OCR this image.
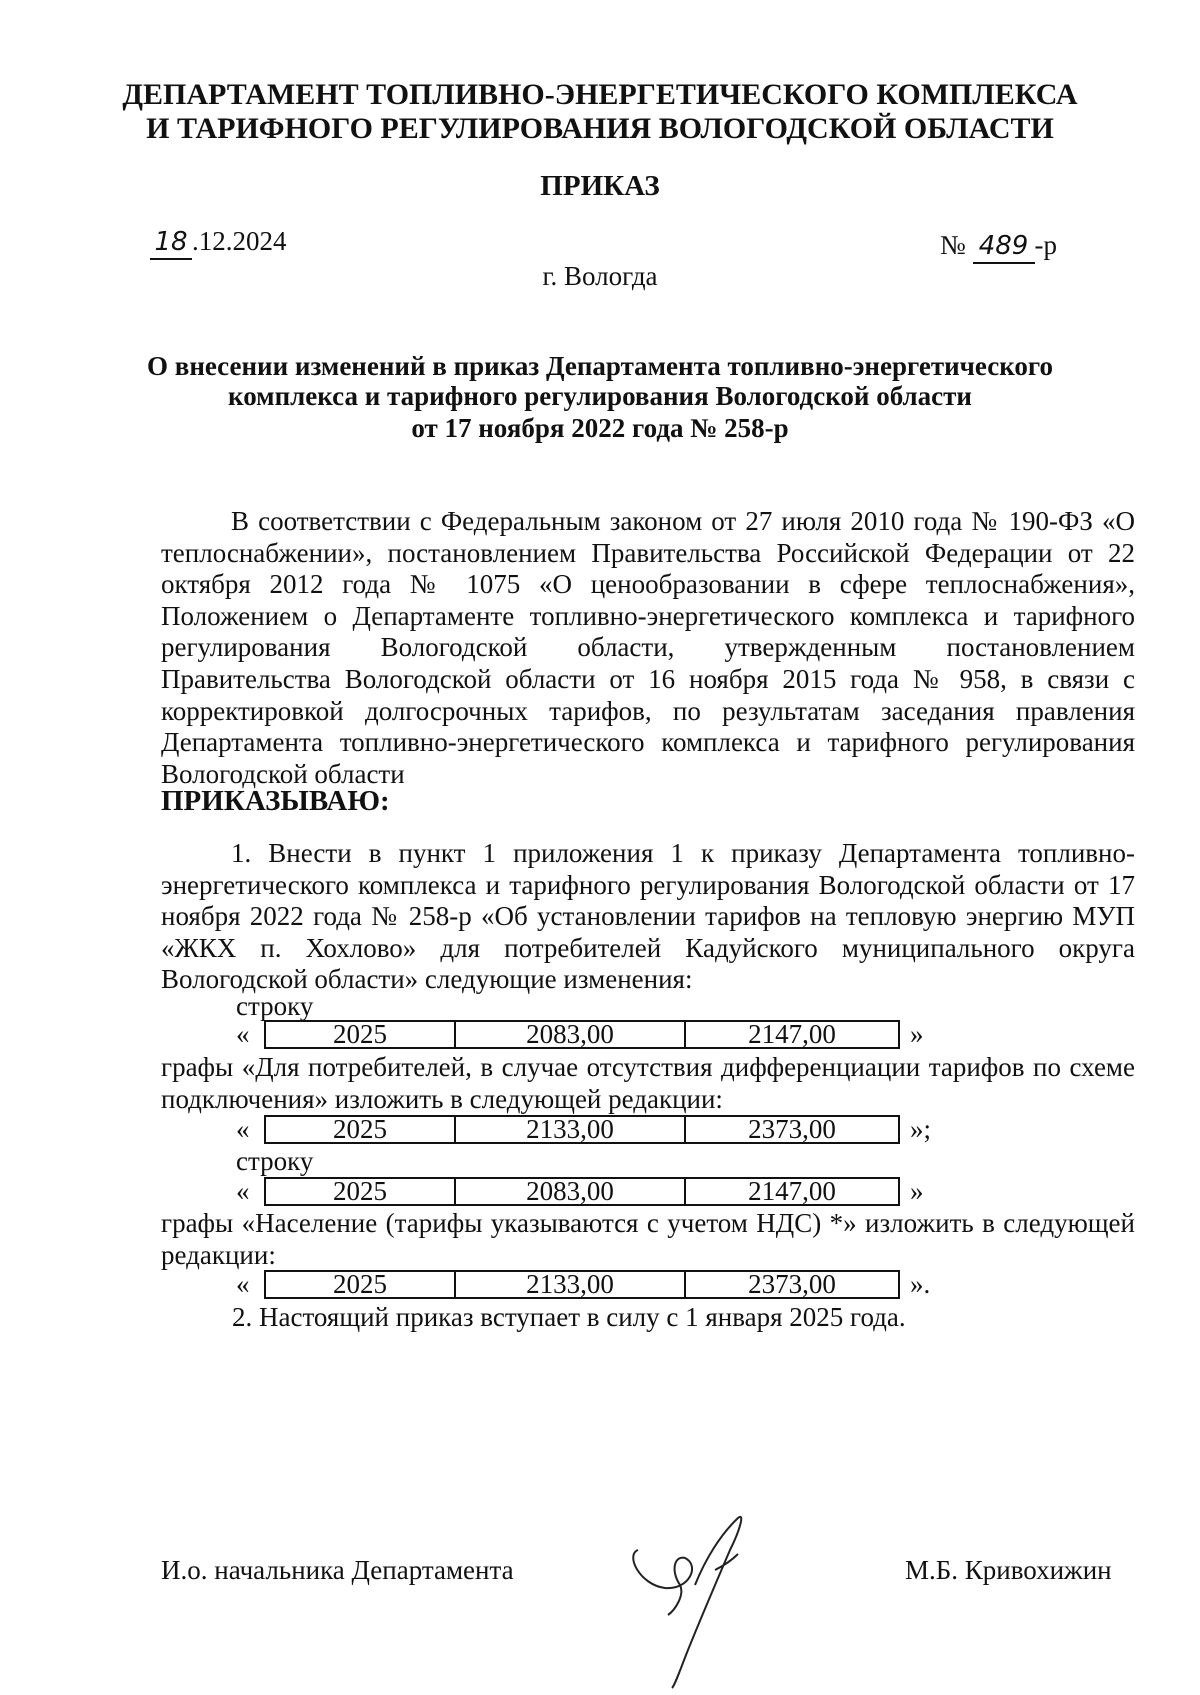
ДЕПАРТАМЕНТ ТОПЛИВНО-ЭНЕРГЕТИЧЕСКОГО КОМПЛЕКСА
И ТАРИФНОГО РЕГУЛИРОВАНИЯ ВОЛОГОДСКОЙ ОБЛАСТИ
ПРИКАЗ
18 .12.2024	№ 489 -р
г. Вологда
О внесении изменений в приказ Департамента топливно-энергетического
комплекса и тарифного регулирования Вологодской области
от 17 ноября 2022 года № 258-р

В соответствии с Федеральным законом от 27 июля 2010 года № 190-ФЗ «О теплоснабжении», постановлением Правительства Российской Федерации от 22 октября 2012 года № 1075 «О ценообразовании в сфере теплоснабжения», Положением о Департаменте топливно-энергетического комплекса и тарифного регулирования Вологодской области, утвержденным постановлением Правительства Вологодской области от 16 ноября 2015 года № 958, в связи с корректировкой долгосрочных тарифов, по результатам заседания правления Департамента топливно-энергетического комплекса и тарифного регулирования Вологодской области

ПРИКАЗЫВАЮ:

1. Внести в пункт 1 приложения 1 к приказу Департамента топливно-энергетического комплекса и тарифного регулирования Вологодской области от 17 ноября 2022 года № 258-р «Об установлении тарифов на тепловую энергию МУП «ЖКХ п. Хохлово» для потребителей Кадуйского муниципального округа Вологодской области» следующие изменения:

строку
«	2025	2083,00	2147,00	»

графы «Для потребителей, в случае отсутствия дифференциации тарифов по схеме подключения» изложить в следующей редакции:

«	2025	2133,00	2373,00	»;
строку
«	2025	2083,00	2147,00	»

графы «Население (тарифы указываются с учетом НДС) *» изложить в следующей редакции:

«	2025	2133,00	2373,00	».
2. Настоящий приказ вступает в силу с 1 января 2025 года.
И.о. начальника Департамента	М.Б. Кривохижин
